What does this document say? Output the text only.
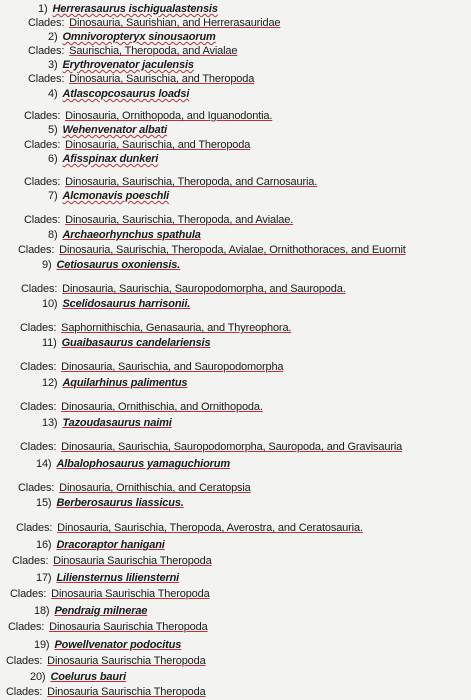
1) Herrerasaurus ischigualastensis
Clades: Dinosauria, Saurishian, and Herrerasauridae
2) Omnivoropteryx sinousaorum
Clades: Saurischia, Theropoda, and Avialae
3) Erythrovenator jaculensis
Clades: Dinosauria, Saurischia, and Theropoda
4) Atlascopcosaurus loadsi
Clades: Dinosauria, Ornithopoda, and Iguanodontia.
5) Wehenvenator albati
Clades: Dinosauria, Saurischia, and Theropoda
6) Afisspinax dunkeri
Clades: Dinosauria, Saurischia, Theropoda, and Carnosauria.
7) Alcmonavis poeschli
Clades: Dinosauria, Saurischia, Theropoda, and Avialae.
8) Archaeorhynchus spathula
Clades: Dinosauria, Saurischia, Theropoda, Avialae, Ornithothoraces, and Euornit
9) Cetiosaurus oxoniensis.
Clades: Dinosauria, Saurischia, Sauropodomorpha, and Sauropoda.
10) Scelidosaurus harrisonii.
Clades: Saphornithischia, Genasauria, and Thyreophora.
11) Guaibasaurus candelariensis
Clades: Dinosauria, Saurischia, and Sauropodomorpha
12) Aquilarhinus palimentus
Clades: Dinosauria, Ornithischia, and Ornithopoda.
13) Tazoudasaurus naimi
Clades: Dinosauria, Saurischia, Sauropodomorpha, Sauropoda, and Gravisauria
14) Albalophosaurus yamaguchiorum
Clades: Dinosauria, Ornithischia, and Ceratopsia
15) Berberosaurus liassicus.
Clades: Dinosauria, Saurischia, Theropoda, Averostra, and Ceratosauria.
16) Dracoraptor hanigani
Clades: Dinosauria Saurischia Theropoda
17) Liliensternus liliensterni
Clades: Dinosauria Saurischia Theropoda
18) Pendraig milnerae
Clades: Dinosauria Saurischia Theropoda
19) Powellvenator podocitus
Clades: Dinosauria Saurischia Theropoda
20) Coelurus bauri
Clades: Dinosauria Saurischia Theropoda
